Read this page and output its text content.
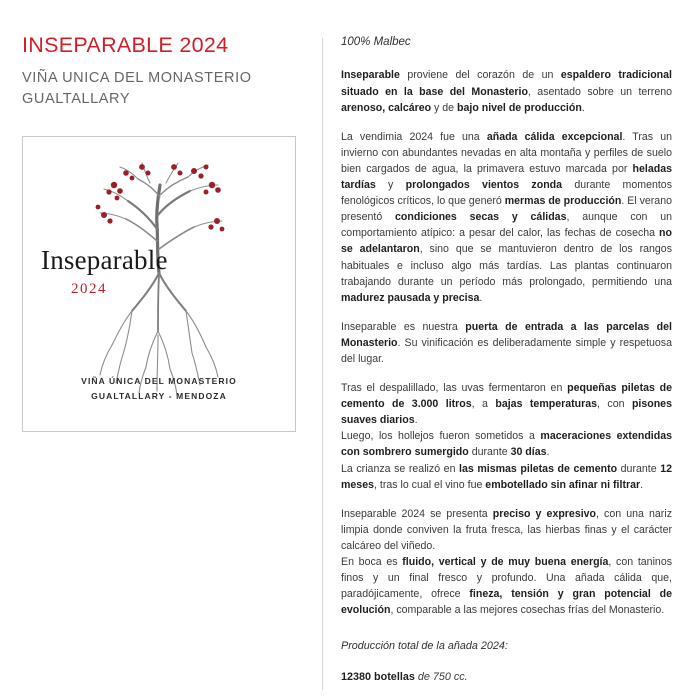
INSEPARABLE 2024
VIÑA UNICA DEL MONASTERIO
GUALTALLARY
Inseparable
2024
VIÑA ÚNICA DEL MONASTERIO
GUALTALLARY - MENDOZA
100% Malbec

Inseparable proviene del corazón de un espaldero tradicional situado en la base del Monasterio, asentado sobre un terreno arenoso, calcáreo y de bajo nivel de producción.

La vendimia 2024 fue una añada cálida excepcional. Tras un invierno con abundantes nevadas en alta montaña y perfiles de suelo bien cargados de agua, la primavera estuvo marcada por heladas tardías y prolongados vientos zonda durante momentos fenológicos críticos, lo que generó mermas de producción. El verano presentó condiciones secas y cálidas, aunque con un comportamiento atípico: a pesar del calor, las fechas de cosecha no se adelantaron, sino que se mantuvieron dentro de los rangos habituales e incluso algo más tardías. Las plantas continuaron trabajando durante un período más prolongado, permitiendo una madurez pausada y precisa.

Inseparable es nuestra puerta de entrada a las parcelas del Monasterio. Su vinificación es deliberadamente simple y respetuosa del lugar.

Tras el despalillado, las uvas fermentaron en pequeñas piletas de cemento de 3.000 litros, a bajas temperaturas, con pisones suaves diarios.
Luego, los hollejos fueron sometidos a maceraciones extendidas con sombrero sumergido durante 30 días.
La crianza se realizó en las mismas piletas de cemento durante 12 meses, tras lo cual el vino fue embotellado sin afinar ni filtrar.

Inseparable 2024 se presenta preciso y expresivo, con una nariz limpia donde conviven la fruta fresca, las hierbas finas y el carácter calcáreo del viñedo.
En boca es fluido, vertical y de muy buena energía, con taninos finos y un final fresco y profundo. Una añada cálida que, paradójicamente, ofrece fineza, tensión y gran potencial de evolución, comparable a las mejores cosechas frías del Monasterio.

Producción total de la añada 2024:
12380 botellas de 750 cc.
